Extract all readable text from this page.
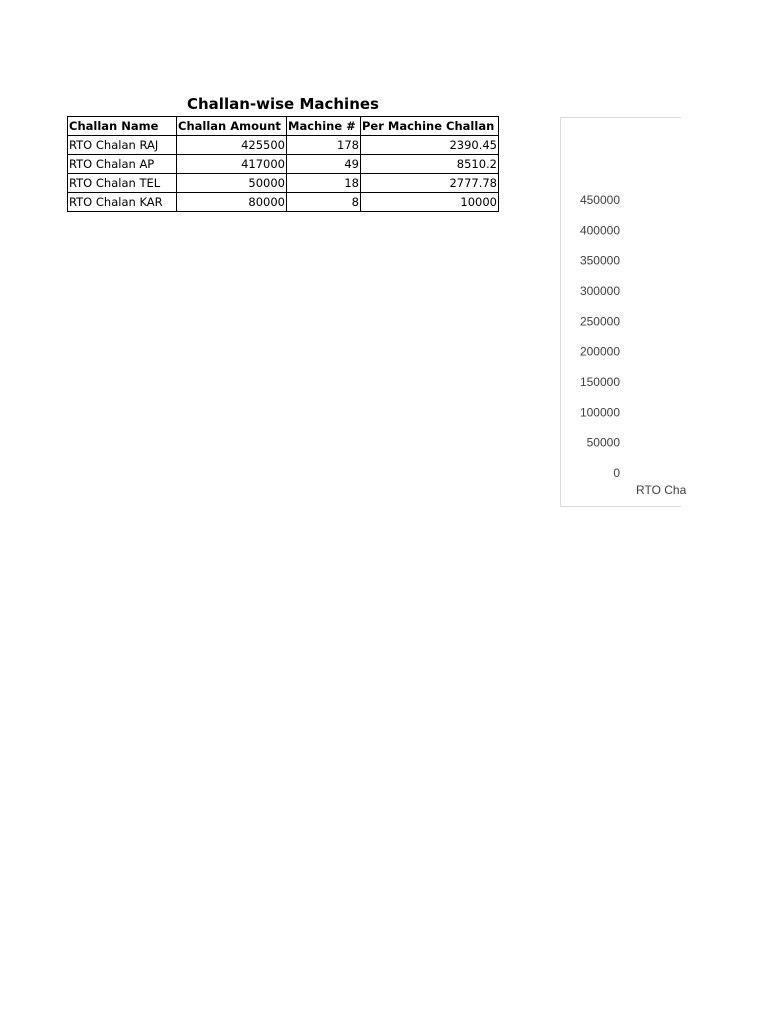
Challan-wise Machines
Challan Name	Challan Amount	Machine #	Per Machine Challan
RTO Chalan RAJ	425500	178	2390.45
RTO Chalan AP	417000	49	8510.2
RTO Chalan TEL	50000	18	2777.78
RTO Chalan KAR	80000	8	10000
0
50000
100000
150000
200000
250000
300000
350000
400000
450000
RTO Cha
